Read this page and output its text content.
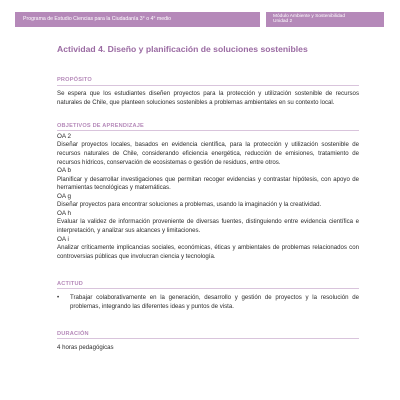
Programa de Estudio Ciencias para la Ciudadanía 3° o 4° medio	Módulo Ambiente y Sostenibilidad
Unidad 2
Actividad 4. Diseño y planificación de soluciones sostenibles
PROPÓSITO
Se espera que los estudiantes diseñen proyectos para la protección y utilización sostenible de recursos naturales de Chile, que planteen soluciones sostenibles a problemas ambientales en su contexto local.
OBJETIVOS DE APRENDIZAJE
OA 2
Diseñar proyectos locales, basados en evidencia científica, para la protección y utilización sostenible de recursos naturales de Chile, considerando eficiencia energética, reducción de emisiones, tratamiento de recursos hídricos, conservación de ecosistemas o gestión de residuos, entre otros.
OA b
Planificar y desarrollar investigaciones que permitan recoger evidencias y contrastar hipótesis, con apoyo de herramientas tecnológicas y matemáticas.
OA g
Diseñar proyectos para encontrar soluciones a problemas, usando la imaginación y la creatividad.
OA h
Evaluar la validez de información proveniente de diversas fuentes, distinguiendo entre evidencia científica e interpretación, y analizar sus alcances y limitaciones.
OA i
Analizar críticamente implicancias sociales, económicas, éticas y ambientales de problemas relacionados con controversias públicas que involucran ciencia y tecnología.
ACTITUD
•	Trabajar colaborativamente en la generación, desarrollo y gestión de proyectos y la resolución de problemas, integrando las diferentes ideas y puntos de vista.
DURACIÓN
4 horas pedagógicas
